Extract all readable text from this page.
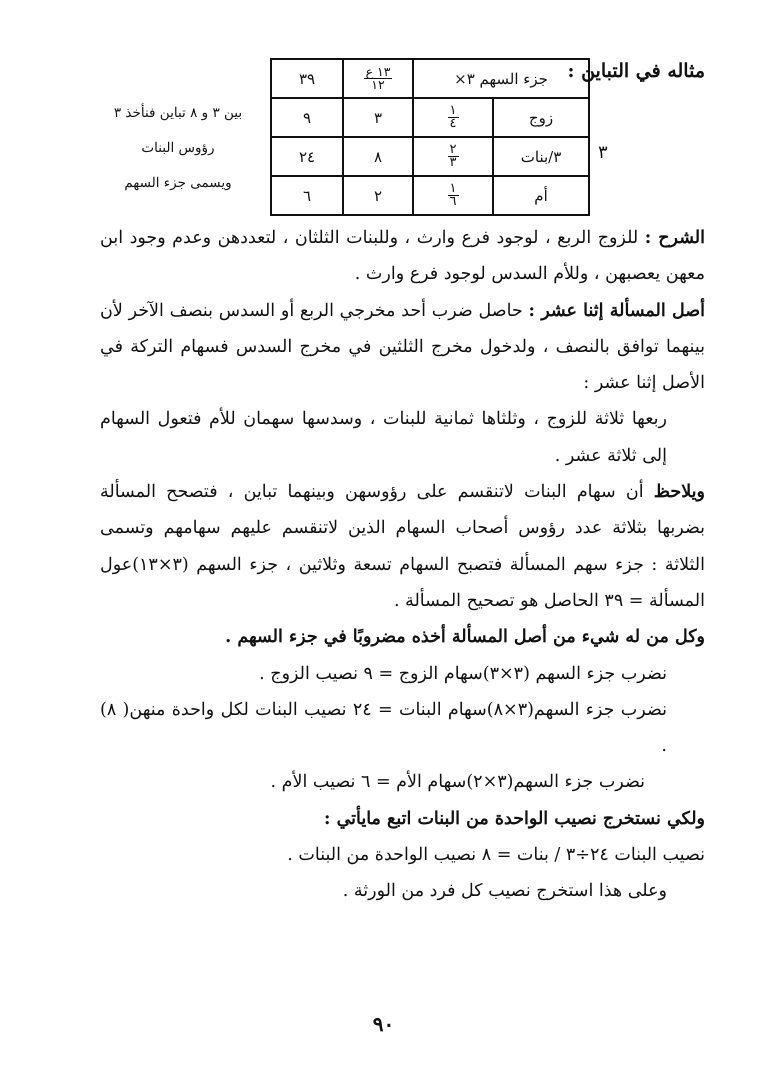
مثاله في التباين :
٣
جزء السهم ٣×		$\frac{\text{١٣ ع}}{١٢}$	٣٩
زوج	$\frac{١}{٤}$	٣	٩
٣/بنات	$\frac{٢}{٣}$	٨	٢٤
أم	$\frac{١}{٦}$	٢	٦
بين ٣ و ٨ تباين فنأخذ ٣
رؤوس البنات
ويسمى جزء السهم

الشرح : للزوج الربع ، لوجود فرع وارث ، وللبنات الثلثان ، لتعددهن وعدم وجود ابن معهن يعصبهن ، وللأم السدس لوجود فرع وارث .

أصل المسألة إثنا عشر : حاصل ضرب أحد مخرجي الربع أو السدس بنصف الآخر لأن بينهما توافق بالنصف ، ولدخول مخرج الثلثين في مخرج السدس فسهام التركة في الأصل إثنا عشر :

ربعها ثلاثة للزوج ، وثلثاها ثمانية للبنات ، وسدسها سهمان للأم فتعول السهام إلى ثلاثة عشر .

ويلاحظ أن سهام البنات لاتنقسم على رؤوسهن وبينهما تباين ، فتصحح المسألة بضربها بثلاثة عدد رؤوس أصحاب السهام الذين لاتنقسم عليهم سهامهم وتسمى الثلاثة : جزء سهم المسألة فتصبح السهام تسعة وثلاثين ، جزء السهم (٣×١٣)عول المسألة = ٣٩ الحاصل هو تصحيح المسألة .

وكل من له شيء من أصل المسألة أخذه مضروبًا في جزء السهم .

نضرب جزء السهم (٣×٣)سهام الزوج = ٩ نصيب الزوج .

نضرب جزء السهم(٣×٨)سهام البنات = ٢٤ نصيب البنات لكل واحدة منهن( ٨) .

نضرب جزء السهم(٣×٢)سهام الأم = ٦ نصيب الأم .

ولكي نستخرج نصيب الواحدة من البنات اتبع مايأتي :

نصيب البنات ٢٤÷٣ / بنات = ٨ نصيب الواحدة من البنات .

وعلى هذا استخرج نصيب كل فرد من الورثة .

٩٠
